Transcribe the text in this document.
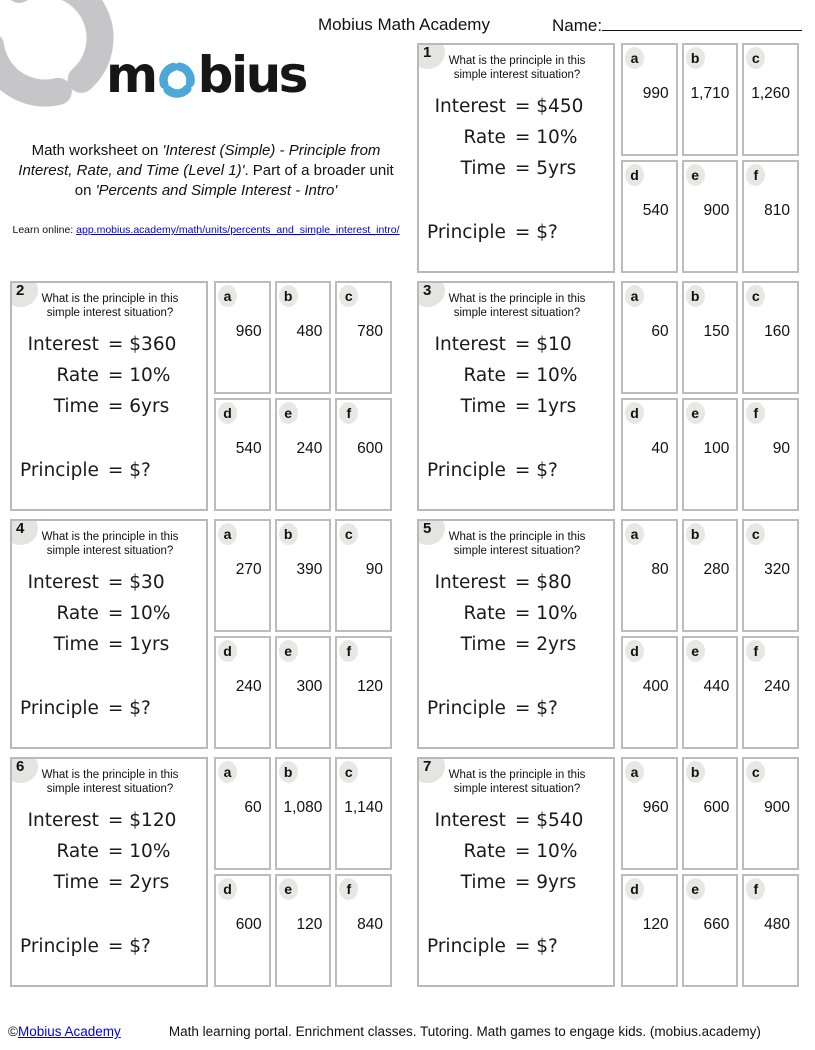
Mobius Math Academy	Name:
m bius
Math worksheet on 'Interest (Simple) - Principle from Interest, Rate, and Time (Level 1)'. Part of a broader unit on 'Percents and Simple Interest - Intro'
Learn online: app.mobius.academy/math/units/percents_and_simple_interest_intro/
1	What is the principle in this simple interest situation?
Interest = $450
Rate = 10%
Time = 5yrs
Principle = $?
a
990
b
1,710
c
1,260
d
540
e
900
f
810
2	What is the principle in this simple interest situation?
Interest = $360
Rate = 10%
Time = 6yrs
Principle = $?
a
960
b
480
c
780
d
540
e
240
f
600
3	What is the principle in this simple interest situation?
Interest = $10
Rate = 10%
Time = 1yrs
Principle = $?
a
60
b
150
c
160
d
40
e
100
f
90
4	What is the principle in this simple interest situation?
Interest = $30
Rate = 10%
Time = 1yrs
Principle = $?
a
270
b
390
c
90
d
240
e
300
f
120
5	What is the principle in this simple interest situation?
Interest = $80
Rate = 10%
Time = 2yrs
Principle = $?
a
80
b
280
c
320
d
400
e
440
f
240
6	What is the principle in this simple interest situation?
Interest = $120
Rate = 10%
Time = 2yrs
Principle = $?
a
60
b
1,080
c
1,140
d
600
e
120
f
840
7	What is the principle in this simple interest situation?
Interest = $540
Rate = 10%
Time = 9yrs
Principle = $?
a
960
b
600
c
900
d
120
e
660
f
480
©Mobius Academy	Math learning portal. Enrichment classes. Tutoring. Math games to engage kids. (mobius.academy)
